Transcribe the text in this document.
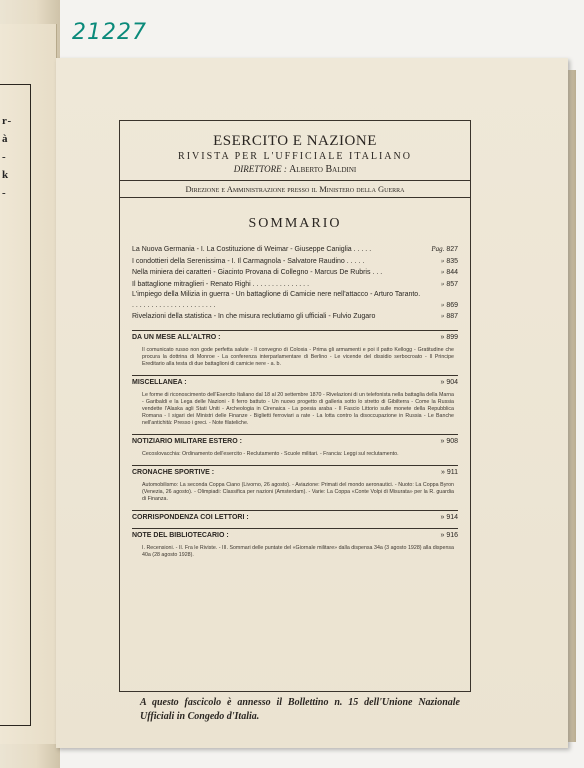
r-
à
-
k
-
21227
ESERCITO E NAZIONE
RIVISTA PER L'UFFICIALE ITALIANO
DIRETTORE : Alberto Baldini
Direzione e Amministrazione presso il Ministero della Guerra
SOMMARIO
La Nuova Germania - I. La Costituzione di Weimar - Giuseppe Caniglia . . . . .	Pag. 827
I condottieri della Serenissima - I. Il Carmagnola - Salvatore Raudino . . . . .	» 835
Nella miniera dei caratteri - Giacinto Provana di Collegno - Marcus De Rubris . . .	» 844
Il battaglione mitraglieri - Renato Righi . . . . . . . . . . . . . . .	» 857
L'impiego della Milizia in guerra - Un battaglione di Camicie nere nell'attacco - Arturo Taranto. . . . . . . . . . . . . . . . . . . . . . .	» 869
Rivelazioni della statistica - In che misura reclutiamo gli ufficiali - Fulvio Zugaro	» 887
DA UN MESE ALL'ALTRO :	» 899
Il comunicato russo non gode perfetta salute - Il convegno di Coloxia - Prima gli armamenti e poi il patto Kellogg - Gratitudine che procura la dottrina di Monroe - La conferenza interparlamentare di Berlino - Le vicende del dissidio serbocroato - Il Principe Ereditario alla testa di due battaglioni di camicie nere - a. b.
MISCELLANEA :	» 904
Le forme di riconoscimento dell'Esercito Italiano dal 18 al 20 settembre 1870 - Rivelazioni di un telefonista nella battaglia della Marna - Garibaldi e la Lega delle Nazioni - Il ferro battuto - Un nuovo progetto di galleria sotto lo stretto di Gibilterra - Come la Russia vendette l'Alaska agli Stati Uniti - Archeologia in Cirenaica - La poesia araba - Il Fascio Littorio sulle monete della Repubblica Romana - I sigari dei Ministri delle Finanze - Biglietti ferroviari a rate - La lotta contro la disoccupazione in Russia - Le Banche nell'antichità: Presso i greci. - Note filateliche.
NOTIZIARIO MILITARE ESTERO :	» 908
Cecoslovacchia: Ordinamento dell'esercito - Reclutamento - Scuole militari. - Francia: Leggi sul reclutamento.
CRONACHE SPORTIVE :	» 911
Automobilismo: La seconda Coppa Ciano (Livorno, 26 agosto). - Aviazione: Primati del mondo aeronautici. - Nuoto: La Coppa Byron (Venezia, 26 agosto). - Olimpiadi: Classifica per nazioni (Amsterdam). - Varie: La Coppa «Conte Volpi di Misurata» per la R. guardia di Finanza.
CORRISPONDENZA COI LETTORI :	» 914
NOTE DEL BIBLIOTECARIO :	» 916
I. Recensioni. - II. Fra le Riviste. - III. Sommari delle puntate del «Giornale militare» dalla dispensa 34a (3 agosto 1928) alla dispensa 40a (28 agosto 1928).
A questo fascicolo è annesso il Bollettino n. 15 dell'Unione Nazionale Ufficiali in Congedo d'Italia.
